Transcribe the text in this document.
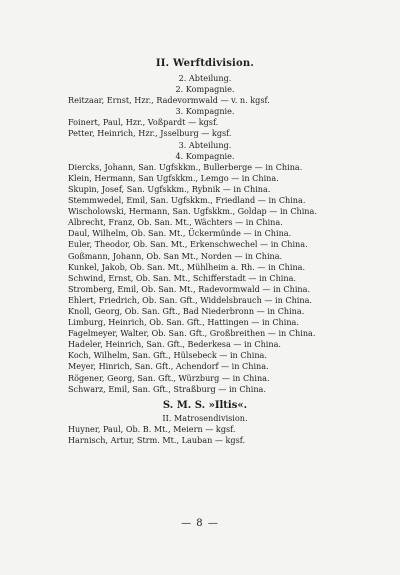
II. Werftdivision.
2. Abteilung.
2. Kompagnie.
Reitzaar, Ernst, Hzr., Radevormwald — v. n. kgsf.
3. Kompagnie.
Foinert, Paul, Hzr., Voßpardt — kgsf.
Petter, Heinrich, Hzr., Jsselburg — kgsf.
3. Abteilung.
4. Kompagnie.
Diercks, Johann, San. Ugfskkm., Bullerberge — in China.
Klein, Hermann, San Ugfskkm., Lemgo — in China.
Skupin, Josef, San. Ugfskkm., Rybnik — in China.
Stemmwedel, Emil, San. Ugfskkm., Friedland — in China.
Wischolowski, Hermann, San. Ugfskkm., Goldap — in China.
Albrecht, Franz, Ob. San. Mt., Wächters — in China.
Daul, Wilhelm, Ob. San. Mt., Ückermünde — in China.
Euler, Theodor, Ob. San. Mt., Erkenschwechel — in China.
Goßmann, Johann, Ob. San Mt., Norden — in China.
Kunkel, Jakob, Ob. San. Mt., Mühlheim a. Rh. — in China.
Schwind, Ernst, Ob. San. Mt., Schifferstadt — in China.
Stromberg, Emil, Ob. San. Mt., Radevormwald — in China.
Ehlert, Friedrich, Ob. San. Gft., Widdelsbrauch — in China.
Knoll, Georg, Ob. San. Gft., Bad Niederbronn — in China.
Limburg, Heinrich, Ob. San. Gft., Hattingen — in China.
Fagelmeyer, Walter, Ob. San. Gft., Großbreithen — in China.
Hadeler, Heinrich, San. Gft., Bederkesa — in China.
Koch, Wilhelm, San. Gft., Hülsebeck — in China.
Meyer, Hinrich, San. Gft., Achendorf — in China.
Rögener, Georg, San. Gft., Würzburg — in China.
Schwarz, Emil, San. Gft., Straßburg — in China.
S. M. S. »Iltis«.
II. Matrosendivision.
Huyner, Paul, Ob. B. Mt., Meiern — kgsf.
Harnisch, Artur, Strm. Mt., Lauban — kgsf.
— 8 —
